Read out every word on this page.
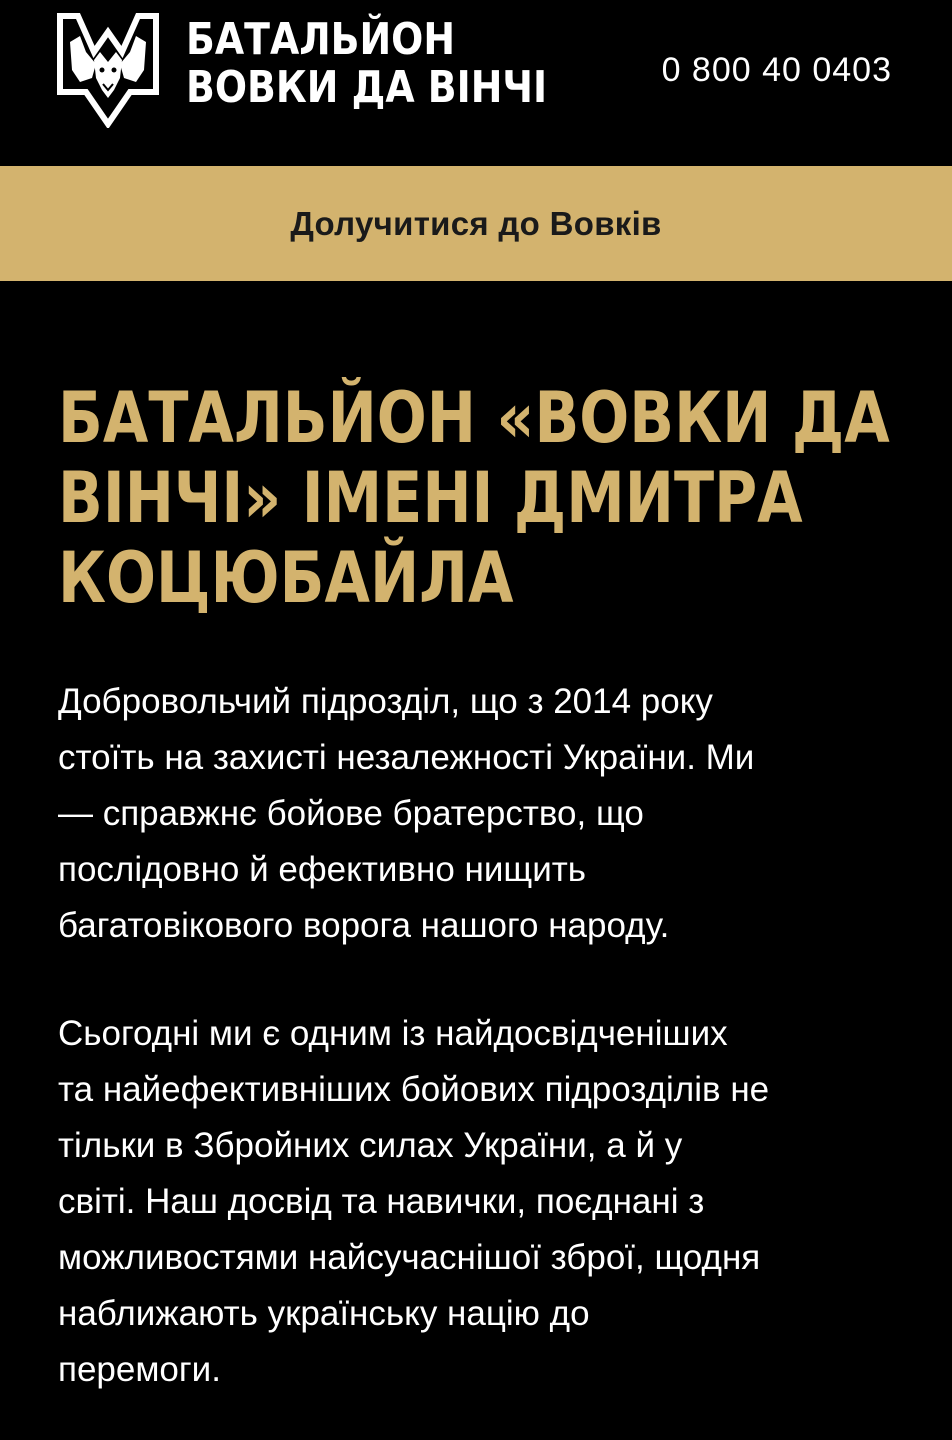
БАТАЛЬЙОН
ВОВКИ ДА ВІНЧІ	0 800 40 0403
Долучитися до Вовків
БАТАЛЬЙОН «ВОВКИ ДА
ВІНЧІ» ІМЕНІ ДМИТРА
КОЦЮБАЙЛА

Добровольчий підрозділ, що з 2014 року
стоїть на захисті незалежності України. Ми
— справжнє бойове братерство, що
послідовно й ефективно нищить
багатовікового ворога нашого народу.

Сьогодні ми є одним із найдосвідченіших
та найефективніших бойових підрозділів не
тільки в Збройних силах України, а й у
світі. Наш досвід та навички, поєднані з
можливостями найсучаснішої зброї, щодня
наближають українську націю до
перемоги.
